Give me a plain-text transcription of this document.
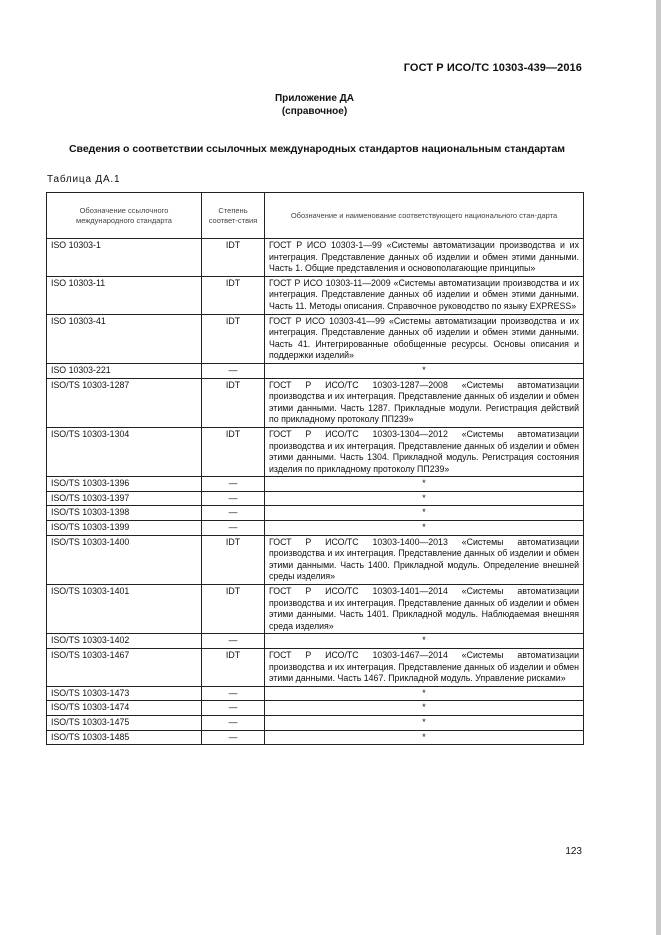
ГОСТ Р ИСО/ТС 10303-439—2016
Приложение ДА
(справочное)
Сведения о соответствии ссылочных международных стандартов национальным стандартам
Таблица ДА.1
Обозначение ссылочного международного стандарта	Степень соответ-ствия	Обозначение и наименование соответствующего национального стан-дарта
ISO 10303-1	IDT	ГОСТ Р ИСО 10303-1—99 «Системы автоматизации производства и их интеграция. Представление данных об изделии и обмен этими данными. Часть 1. Общие представления и основополагающие принципы»
ISO 10303-11	IDT	ГОСТ Р ИСО 10303-11—2009 «Системы автоматизации производства и их интеграция. Представление данных об изделии и обмен этими данными. Часть 11. Методы описания. Справочное руководство по языку EXPRESS»
ISO 10303-41	IDT	ГОСТ Р ИСО 10303-41—99 «Системы автоматизации производства и их интеграция. Представление данных об изделии и обмен этими данными. Часть 41. Интегрированные обобщенные ресурсы. Основы описания и поддержки изделий»
ISO 10303-221	—	*
ISO/TS 10303-1287	IDT	ГОСТ Р ИСО/ТС 10303-1287—2008 «Системы автоматизации производства и их интеграция. Представление данных об изделии и обмен этими данными. Часть 1287. Прикладные модули. Регистрация действий по прикладному протоколу ПП239»
ISO/TS 10303-1304	IDT	ГОСТ Р ИСО/ТС 10303-1304—2012 «Системы автоматизации производства и их интеграция. Представление данных об изделии и обмен этими данными. Часть 1304. Прикладной модуль. Регистрация состояния изделия по прикладному протоколу ПП239»
ISO/TS 10303-1396	—	*
ISO/TS 10303-1397	—	*
ISO/TS 10303-1398	—	*
ISO/TS 10303-1399	—	*
ISO/TS 10303-1400	IDT	ГОСТ Р ИСО/ТС 10303-1400—2013 «Системы автоматизации производства и их интеграция. Представление данных об изделии и обмен этими данными. Часть 1400. Прикладной модуль. Определение внешней среды изделия»
ISO/TS 10303-1401	IDT	ГОСТ Р ИСО/ТС 10303-1401—2014 «Системы автоматизации производства и их интеграция. Представление данных об изделии и обмен этими данными. Часть 1401. Прикладной модуль. Наблюдаемая внешняя среда изделия»
ISO/TS 10303-1402	—	*
ISO/TS 10303-1467	IDT	ГОСТ Р ИСО/ТС 10303-1467—2014 «Системы автоматизации производства и их интеграция. Представление данных об изделии и обмен этими данными. Часть 1467. Прикладной модуль. Управление рисками»
ISO/TS 10303-1473	—	*
ISO/TS 10303-1474	—	*
ISO/TS 10303-1475	—	*
ISO/TS 10303-1485	—	*
123
